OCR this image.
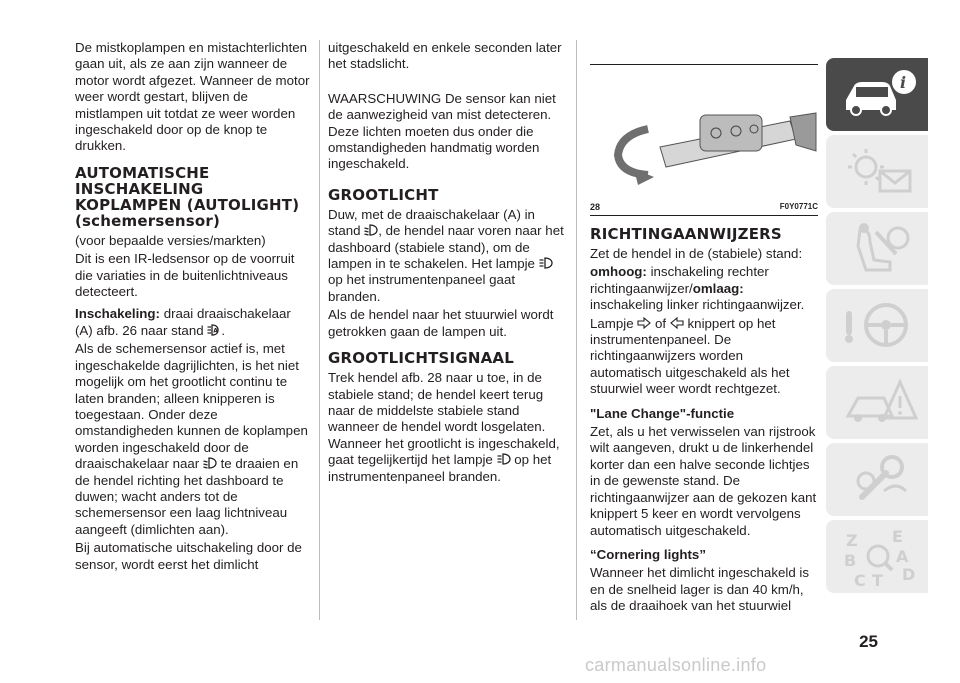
De mistkoplampen en mistachterlichten gaan uit, als ze aan zijn wanneer de motor wordt afgezet. Wanneer de motor weer wordt gestart, blijven de mistlampen uit totdat ze weer worden ingeschakeld door op de knop te drukken.

AUTOMATISCHE INSCHAKELING KOPLAMPEN (AUTOLIGHT) (schemersensor)

(voor bepaalde versies/markten)

Dit is een IR-ledsensor op de voorruit die variaties in de buitenlichtniveaus detecteert.

Inschakeling: draai draaischakelaar (A) afb. 26 naar stand A .

Als de schemersensor actief is, met ingeschakelde dagrijlichten, is het niet mogelijk om het grootlicht continu te laten branden; alleen knipperen is toegestaan. Onder deze omstandigheden kunnen de koplampen worden ingeschakeld door de draaischakelaar naar te draaien en de hendel richting het dashboard te duwen; wacht anders tot de schemersensor een laag lichtniveau aangeeft (dimlichten aan).

Bij automatische uitschakeling door de sensor, wordt eerst het dimlicht

uitgeschakeld en enkele seconden later het stadslicht.

WAARSCHUWING De sensor kan niet de aanwezigheid van mist detecteren. Deze lichten moeten dus onder die omstandigheden handmatig worden ingeschakeld.

GROOTLICHT

Duw, met de draaischakelaar (A) in stand , de hendel naar voren naar het dashboard (stabiele stand), om de lampen in te schakelen. Het lampje  op het instrumentenpaneel gaat branden.

Als de hendel naar het stuurwiel wordt getrokken gaan de lampen uit.

GROOTLICHTSIGNAAL

Trek hendel afb. 28 naar u toe, in de stabiele stand; de hendel keert terug naar de middelste stabiele stand wanneer de hendel wordt losgelaten. Wanneer het grootlicht is ingeschakeld, gaat tegelijkertijd het lampje op het instrumentenpaneel branden.

28	F0Y0771C
RICHTINGAANWIJZERS

Zet de hendel in de (stabiele) stand:

omhoog: inschakeling rechter richtingaanwijzer/omlaag: inschakeling linker richtingaanwijzer.

Lampje of knippert op het instrumentenpaneel. De richtingaanwijzers worden automatisch uitgeschakeld als het stuurwiel weer wordt rechtgezet.

"Lane Change"-functie

Zet, als u het verwisselen van rijstrook wilt aangeven, drukt u de linkerhendel korter dan een halve seconde lichtjes in de gewenste stand. De richtingaanwijzer aan de gekozen kant knippert 5 keer en wordt vervolgens automatisch uitgeschakeld.

“Cornering lights”

Wanneer het dimlicht ingeschakeld is en de snelheid lager is dan 40 km/h, als de draaihoek van het stuurwiel

i
Z E
B A
C T D
25
carmanualsonline.info
